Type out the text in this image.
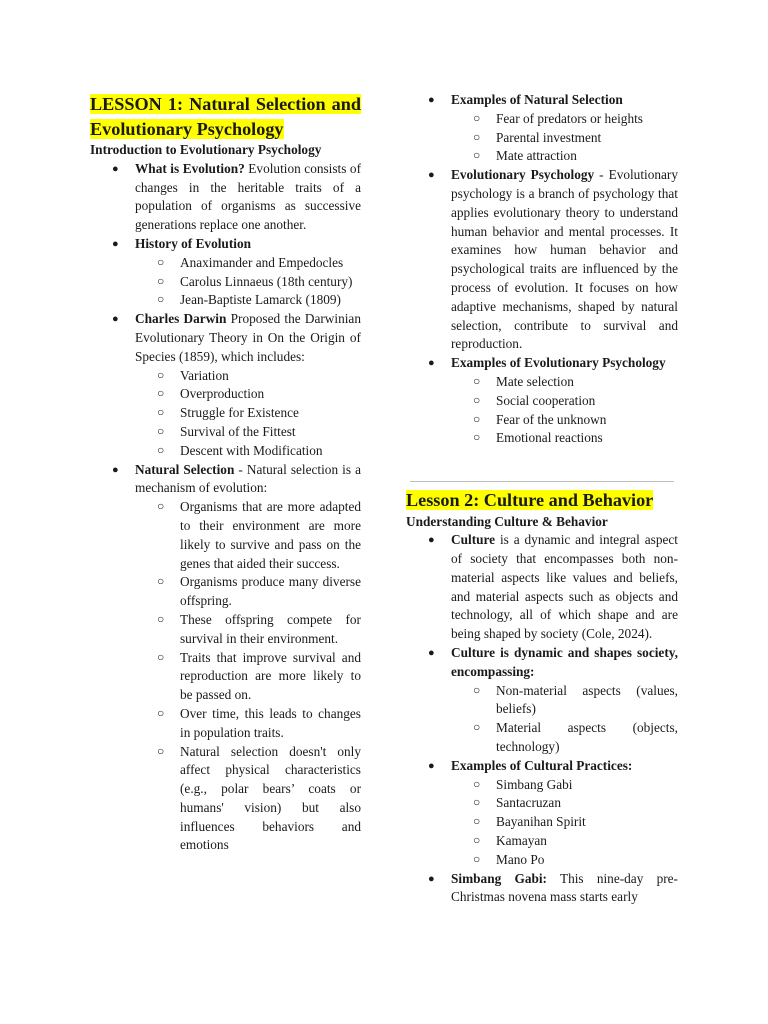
LESSON 1: Natural Selection and Evolutionary Psychology

Introduction to Evolutionary Psychology

● What is Evolution? Evolution consists of changes in the heritable traits of a population of organisms as successive generations replace one another.
● History of Evolution
○ Anaximander and Empedocles
○ Carolus Linnaeus (18th century)
○ Jean-Baptiste Lamarck (1809)
● Charles Darwin Proposed the Darwinian Evolutionary Theory in On the Origin of Species (1859), which includes:
○ Variation
○ Overproduction
○ Struggle for Existence
○ Survival of the Fittest
○ Descent with Modification
● Natural Selection - Natural selection is a mechanism of evolution:
○ Organisms that are more adapted to their environment are more likely to survive and pass on the genes that aided their success.
○ Organisms produce many diverse offspring.
○ These offspring compete for survival in their environment.
○ Traits that improve survival and reproduction are more likely to be passed on.
○ Over time, this leads to changes in population traits.
○ Natural selection doesn't only affect physical characteristics (e.g., polar bears’ coats or humans' vision) but also influences behaviors and emotions
● Examples of Natural Selection
○ Fear of predators or heights
○ Parental investment
○ Mate attraction
● Evolutionary Psychology - Evolutionary psychology is a branch of psychology that applies evolutionary theory to understand human behavior and mental processes. It examines how human behavior and psychological traits are influenced by the process of evolution. It focuses on how adaptive mechanisms, shaped by natural selection, contribute to survival and reproduction.
● Examples of Evolutionary Psychology
○ Mate selection
○ Social cooperation
○ Fear of the unknown
○ Emotional reactions
Lesson 2: Culture and Behavior

Understanding Culture & Behavior

● Culture is a dynamic and integral aspect of society that encompasses both non-material aspects like values and beliefs, and material aspects such as objects and technology, all of which shape and are being shaped by society (Cole, 2024).
● Culture is dynamic and shapes society, encompassing:
○ Non-material aspects (values, beliefs)
○ Material aspects (objects, technology)
● Examples of Cultural Practices:
○ Simbang Gabi
○ Santacruzan
○ Bayanihan Spirit
○ Kamayan
○ Mano Po
● Simbang Gabi: This nine-day pre-Christmas novena mass starts early
